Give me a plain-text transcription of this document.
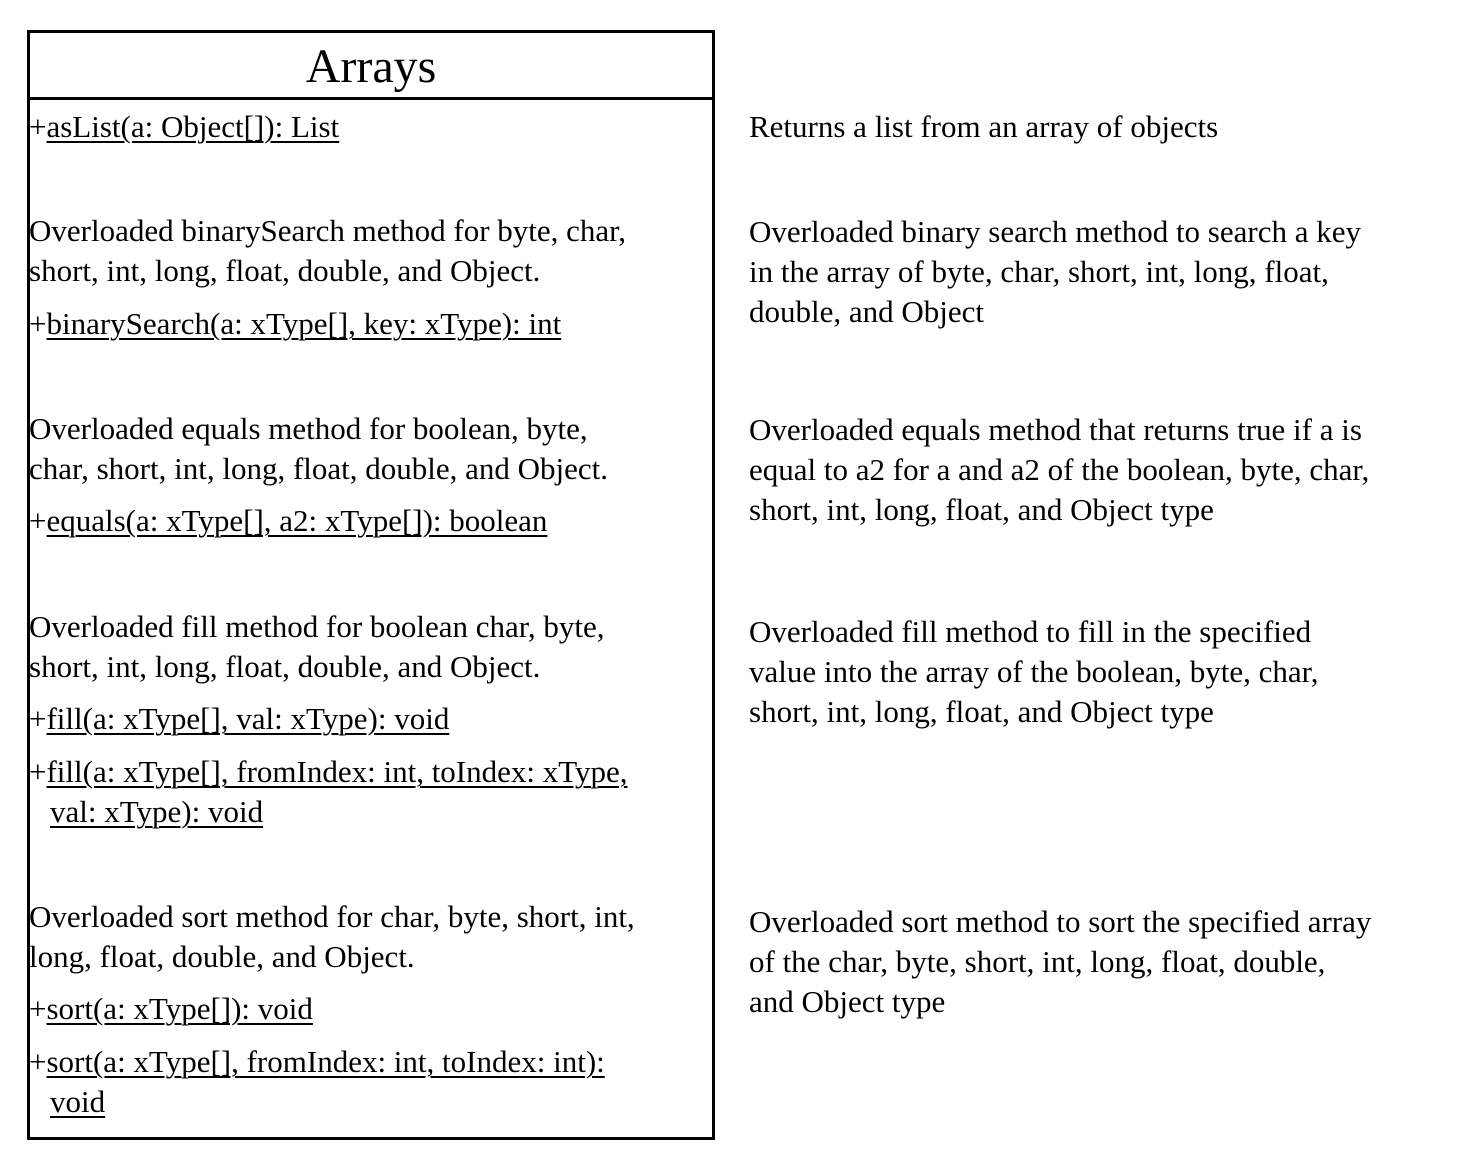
Arrays
+asList(a: Object[]): List	Returns a list from an array of objects
Overloaded binarySearch method for byte, char,
short, int, long, float, double, and Object.
+binarySearch(a: xType[], key: xType): int
Overloaded binary search method to search a key
in the array of byte, char, short, int, long, float,
double, and Object
Overloaded equals method for boolean, byte,
char, short, int, long, float, double, and Object.
+equals(a: xType[], a2: xType[]): boolean
Overloaded equals method that returns true if a is
equal to a2 for a and a2 of the boolean, byte, char,
short, int, long, float, and Object type
Overloaded fill method for boolean char, byte,
short, int, long, float, double, and Object.
+fill(a: xType[], val: xType): void
+fill(a: xType[], fromIndex: int, toIndex: xType,
val: xType): void
Overloaded fill method to fill in the specified
value into the array of the boolean, byte, char,
short, int, long, float, and Object type
Overloaded sort method for char, byte, short, int,
long, float, double, and Object.
+sort(a: xType[]): void
+sort(a: xType[], fromIndex: int, toIndex: int):
void
Overloaded sort method to sort the specified array
of the char, byte, short, int, long, float, double,
and Object type
